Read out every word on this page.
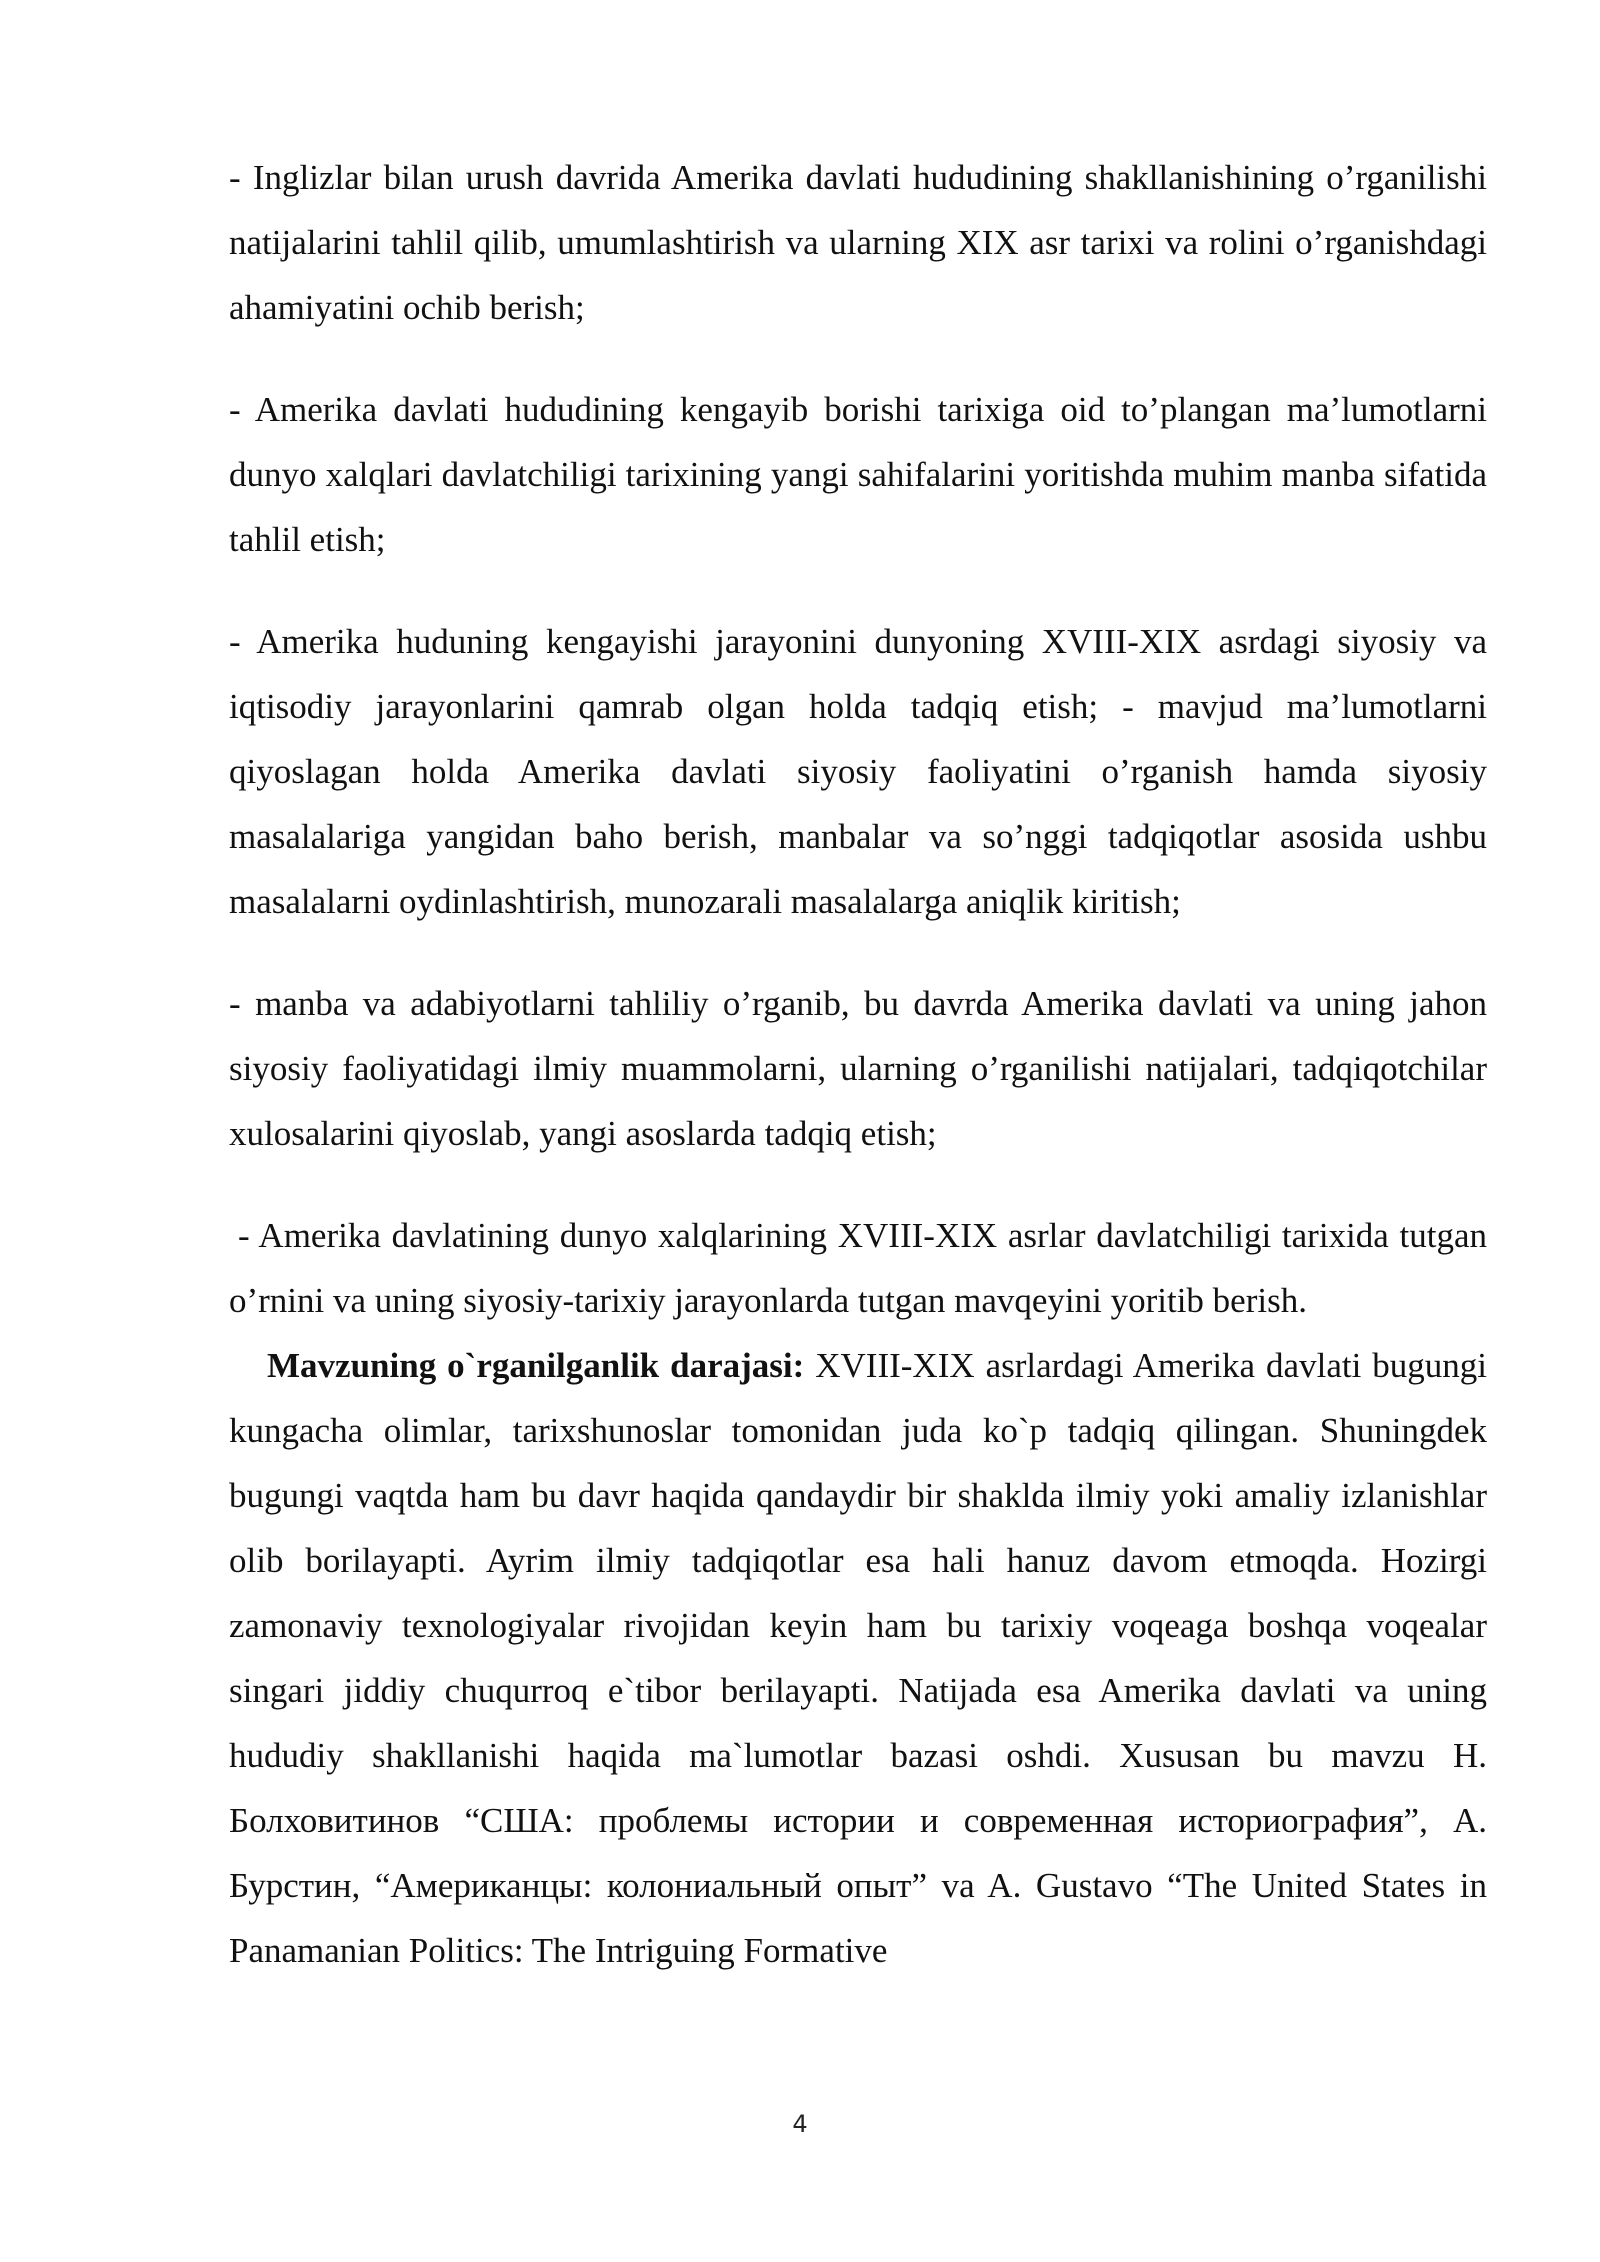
- Inglizlar bilan urush davrida Amerika davlati hududining shakllanishining o’rganilishi natijalarini tahlil qilib, umumlashtirish va ularning XIX asr tarixi va rolini o’rganishdagi ahamiyatini ochib berish;

- Amerika davlati hududining kengayib borishi tarixiga oid to’plangan ma’lumotlarni dunyo xalqlari davlatchiligi tarixining yangi sahifalarini yoritishda muhim manba sifatida tahlil etish;

- Amerika huduning kengayishi jarayonini dunyoning XVIII-XIX asrdagi siyosiy va iqtisodiy jarayonlarini qamrab olgan holda tadqiq etish; - mavjud ma’lumotlarni qiyoslagan holda Amerika davlati siyosiy faoliyatini o’rganish hamda siyosiy masalalariga yangidan baho berish, manbalar va so’nggi tadqiqotlar asosida ushbu masalalarni oydinlashtirish, munozarali masalalarga aniqlik kiritish;

- manba va adabiyotlarni tahliliy o’rganib, bu davrda Amerika davlati va uning jahon siyosiy faoliyatidagi ilmiy muammolarni, ularning o’rganilishi natijalari, tadqiqotchilar xulosalarini qiyoslab, yangi asoslarda tadqiq etish;

- Amerika davlatining dunyo xalqlarining XVIII-XIX asrlar davlatchiligi tarixida tutgan o’rnini va uning siyosiy-tarixiy jarayonlarda tutgan mavqeyini yoritib berish.

Mavzuning o`rganilganlik darajasi: XVIII-XIX asrlardagi Amerika davlati bugungi kungacha olimlar, tarixshunoslar tomonidan juda ko`p tadqiq qilingan. Shuningdek bugungi vaqtda ham bu davr haqida qandaydir bir shaklda ilmiy yoki amaliy izlanishlar olib borilayapti. Ayrim ilmiy tadqiqotlar esa hali hanuz davom etmoqda. Hozirgi zamonaviy texnologiyalar rivojidan keyin ham bu tarixiy voqeaga boshqa voqealar singari jiddiy chuqurroq e`tibor berilayapti. Natijada esa Amerika davlati va uning hududiy shakllanishi haqida ma`lumotlar bazasi oshdi. Xususan bu mavzu Н. Болховитинов “США: проблемы истории и современная историография”, А. Бурстин, “Американцы: колониальный опыт” va A. Gustavo “The United States in Panamanian Politics: The Intriguing Formative

4
